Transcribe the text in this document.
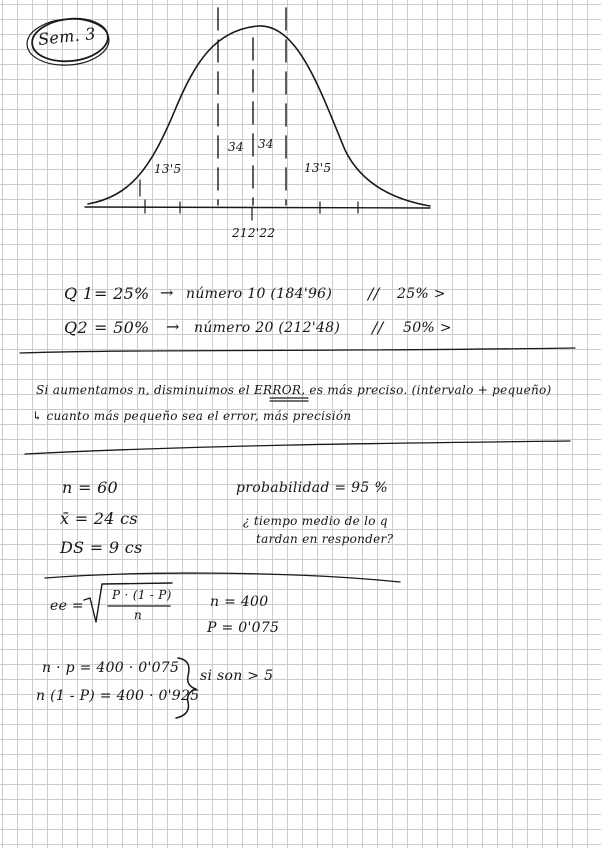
Sem. 3
13'5
34 34
13'5
212'22
Q 1 = 25% → número 10 (184'96) // 25% >
Q2 = 50% → número 20 (212'48) // 50% >
Si aumentamos n, disminuimos el ERROR, es más preciso. (intervalo + pequeño)
↳ cuanto más pequeño sea el error, más precisión
n = 60
x̄ = 24 cs
DS = 9 cs
probabilidad = 95 %
¿ tiempo medio de lo q
tardan en responder?
ee =
P · (1 - P)
n
n = 400
P = 0'075
n · p = 400 · 0'075
n (1 - P) = 400 · 0'925
si son > 5
